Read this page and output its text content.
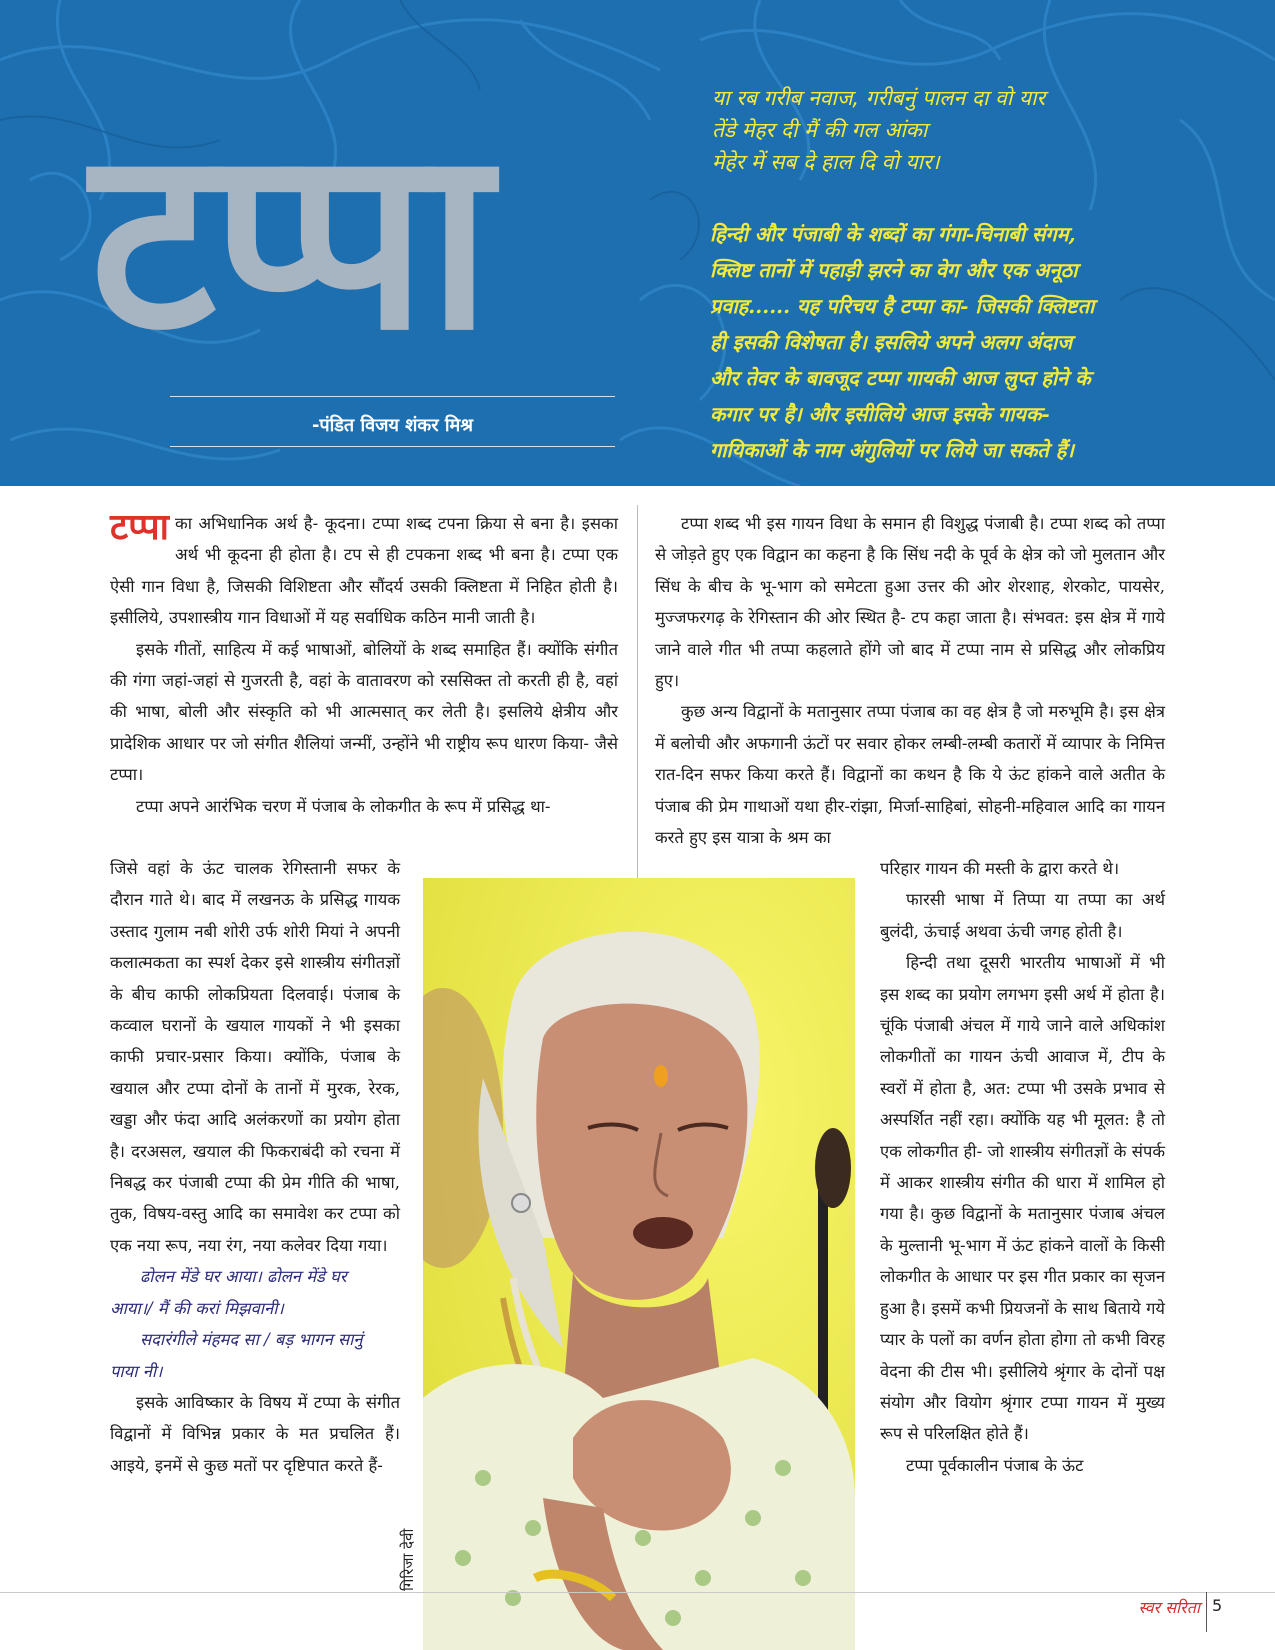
टप्पा
-पंडित विजय शंकर मिश्र
या रब गरीब नवाज, गरीबनुं पालन दा वो यार
तेंडे मेहर दी मैं की गल आंका
मेहेर में सब दे हाल दि वो यार।
हिन्दी और पंजाबी के शब्दों का गंगा-चिनाबी संगम,
क्लिष्ट तानों में पहाड़ी झरने का वेग और एक अनूठा
प्रवाह...... यह परिचय है टप्पा का- जिसकी क्लिष्टता
ही इसकी विशेषता है। इसलिये अपने अलग अंदाज
और तेवर के बावजूद टप्पा गायकी आज लुप्त होने के
कगार पर है। और इसीलिये आज इसके गायक-
गायिकाओं के नाम अंगुलियों पर लिये जा सकते हैं।

टप्पा का अभिधानिक अर्थ है- कूदना। टप्पा शब्द टपना क्रिया से बना है। इसका अर्थ भी कूदना ही होता है। टप से ही टपकना शब्द भी बना है। टप्पा एक ऐसी गान विधा है, जिसकी विशिष्टता और सौंदर्य उसकी क्लिष्टता में निहित होती है। इसीलिये, उपशास्त्रीय गान विधाओं में यह सर्वाधिक कठिन मानी जाती है।

इसके गीतों, साहित्य में कई भाषाओं, बोलियों के शब्द समाहित हैं। क्योंकि संगीत की गंगा जहां-जहां से गुजरती है, वहां के वातावरण को रससिक्त तो करती ही है, वहां की भाषा, बोली और संस्कृति को भी आत्मसात् कर लेती है। इसलिये क्षेत्रीय और प्रादेशिक आधार पर जो संगीत शैलियां जन्मीं, उन्होंने भी राष्ट्रीय रूप धारण किया- जैसे टप्पा।

टप्पा अपने आरंभिक चरण में पंजाब के लोकगीत के रूप में प्रसिद्ध था-

जिसे वहां के ऊंट चालक रेगिस्तानी सफर के दौरान गाते थे। बाद में लखनऊ के प्रसिद्ध गायक उस्ताद गुलाम नबी शोरी उर्फ शोरी मियां ने अपनी कलात्मकता का स्पर्श देकर इसे शास्त्रीय संगीतज्ञों के बीच काफी लोकप्रियता दिलवाई। पंजाब के कव्वाल घरानों के खयाल गायकों ने भी इसका काफी प्रचार-प्रसार किया। क्योंकि, पंजाब के खयाल और टप्पा दोनों के तानों में मुरक, रेरक, खड्डा और फंदा आदि अलंकरणों का प्रयोग होता है। दरअसल, खयाल की फिकराबंदी को रचना में निबद्ध कर पंजाबी टप्पा की प्रेम गीति की भाषा, तुक, विषय-वस्तु आदि का समावेश कर टप्पा को एक नया रूप, नया रंग, नया कलेवर दिया गया।

ढोलन मेंडे घर आया। ढोलन मेंडे घर

आया।/ मैं की करां मिझवानी।

सदारंगीले मंहमद सा / बड़ भागन सानुं

पाया नी।

इसके आविष्कार के विषय में टप्पा के संगीत विद्वानों में विभिन्न प्रकार के मत प्रचलित हैं। आइये, इनमें से कुछ मतों पर दृष्टिपात करते हैं-

टप्पा शब्द भी इस गायन विधा के समान ही विशुद्ध पंजाबी है। टप्पा शब्द को तप्पा से जोड़ते हुए एक विद्वान का कहना है कि सिंध नदी के पूर्व के क्षेत्र को जो मुलतान और सिंध के बीच के भू-भाग को समेटता हुआ उत्तर की ओर शेरशाह, शेरकोट, पायसेर, मुज्जफरगढ़ के रेगिस्तान की ओर स्थित है- टप कहा जाता है। संभवत: इस क्षेत्र में गाये जाने वाले गीत भी तप्पा कहलाते होंगे जो बाद में टप्पा नाम से प्रसिद्ध और लोकप्रिय हुए।

कुछ अन्य विद्वानों के मतानुसार तप्पा पंजाब का वह क्षेत्र है जो मरुभूमि है। इस क्षेत्र में बलोची और अफगानी ऊंटों पर सवार होकर लम्बी-लम्बी कतारों में व्यापार के निमित्त रात-दिन सफर किया करते हैं। विद्वानों का कथन है कि ये ऊंट हांकने वाले अतीत के पंजाब की प्रेम गाथाओं यथा हीर-रांझा, मिर्जा-साहिबां, सोहनी-महिवाल आदि का गायन करते हुए इस यात्रा के श्रम का

परिहार गायन की मस्ती के द्वारा करते थे।

फारसी भाषा में तिप्पा या तप्पा का अर्थ बुलंदी, ऊंचाई अथवा ऊंची जगह होती है।

हिन्दी तथा दूसरी भारतीय भाषाओं में भी इस शब्द का प्रयोग लगभग इसी अर्थ में होता है। चूंकि पंजाबी अंचल में गाये जाने वाले अधिकांश लोकगीतों का गायन ऊंची आवाज में, टीप के स्वरों में होता है, अत: टप्पा भी उसके प्रभाव से अस्पर्शित नहीं रहा। क्योंकि यह भी मूलत: है तो एक लोकगीत ही- जो शास्त्रीय संगीतज्ञों के संपर्क में आकर शास्त्रीय संगीत की धारा में शामिल हो गया है। कुछ विद्वानों के मतानुसार पंजाब अंचल के मुल्तानी भू-भाग में ऊंट हांकने वालों के किसी लोकगीत के आधार पर इस गीत प्रकार का सृजन हुआ है। इसमें कभी प्रियजनों के साथ बिताये गये प्यार के पलों का वर्णन होता होगा तो कभी विरह वेदना की टीस भी। इसीलिये श्रृंगार के दोनों पक्ष संयोग और वियोग श्रृंगार टप्पा गायन में मुख्य रूप से परिलक्षित होते हैं।

टप्पा पूर्वकालीन पंजाब के ऊंट

गिरिजा देवी
स्वर सरिता 5
